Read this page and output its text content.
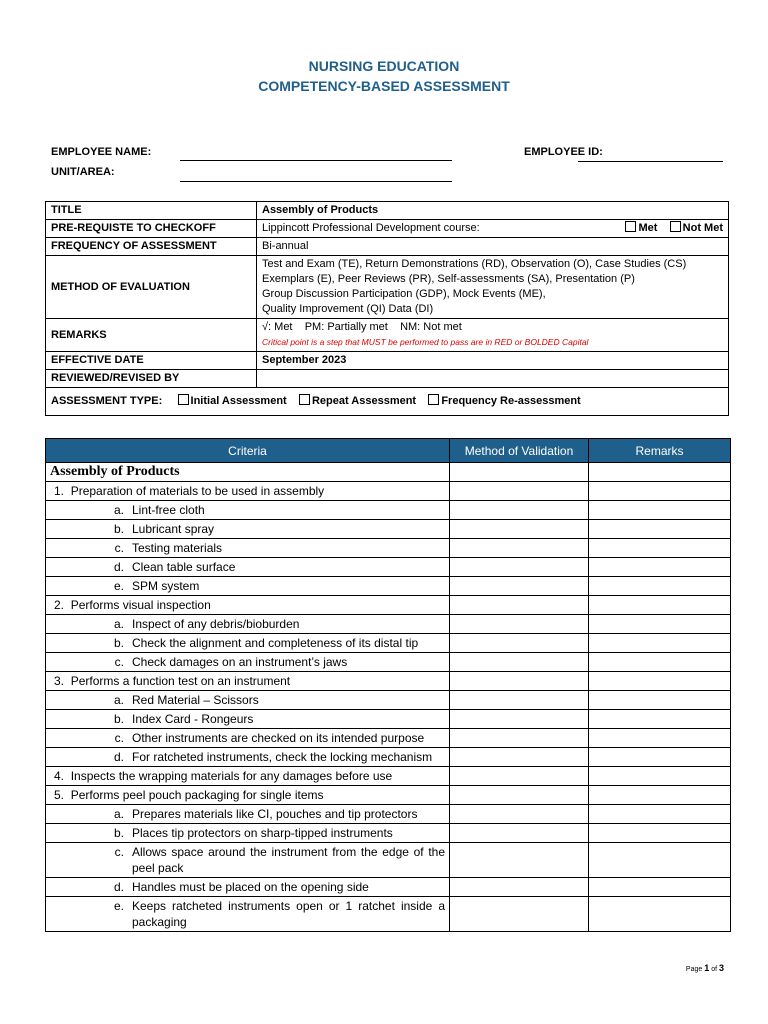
NURSING EDUCATION
COMPETENCY-BASED ASSESSMENT
EMPLOYEE NAME:
UNIT/AREA:
EMPLOYEE ID:
TITLE	Assembly of Products
PRE-REQUISTE TO CHECKOFF	Lippincott Professional Development course: Met Not Met

FREQUENCY OF ASSESSMENT	Bi-annual
METHOD OF EVALUATION	Test and Exam (TE), Return Demonstrations (RD), Observation (O), Case Studies (CS)
Exemplars (E), Peer Reviews (PR), Self-assessments (SA), Presentation (P)
Group Discussion Participation (GDP), Mock Events (ME),
Quality Improvement (QI) Data (DI)

REMARKS	√: Met    PM: Partially met    NM: Not met
Critical point is a step that MUST be performed to pass are in RED or BOLDED Capital

EFFECTIVE DATE	September 2023
REVIEWED/REVISED BY	
ASSESSMENT TYPE: Initial Assessment Repeat Assessment Frequency Re-assessment	
Criteria	Method of Validation	Remarks
Assembly of Products		

1. Preparation of materials to be used in assembly		

a. Lint-free cloth		

b. Lubricant spray		

c. Testing materials		

d. Clean table surface		

e. SPM system		

2. Performs visual inspection		

a. Inspect of any debris/bioburden		

b. Check the alignment and completeness of its distal tip		

c. Check damages on an instrument’s jaws		

3. Performs a function test on an instrument		

a. Red Material – Scissors		

b. Index Card - Rongeurs		

c. Other instruments are checked on its intended purpose		

d. For ratcheted instruments, check the locking mechanism		

4. Inspects the wrapping materials for any damages before use		

5. Performs peel pouch packaging for single items		

a. Prepares materials like CI, pouches and tip protectors		

b. Places tip protectors on sharp-tipped instruments		

c. Allows space around the instrument from the edge of the peel pack		

d. Handles must be placed on the opening side		

e. Keeps ratcheted instruments open or 1 ratchet inside a packaging		

Page 1 of 3
